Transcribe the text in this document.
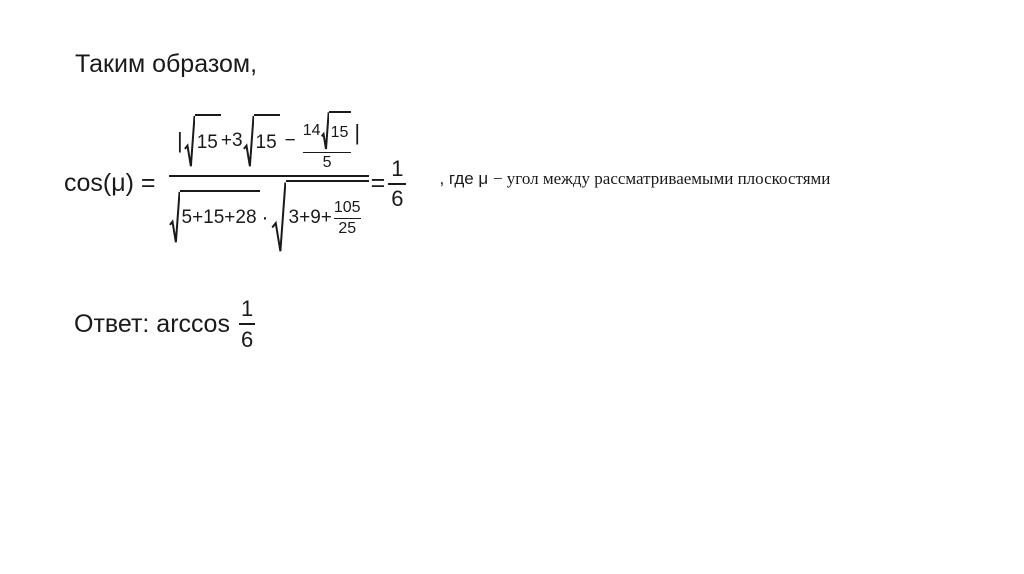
Таким образом,
cos(μ) =
| 15 +3 $15 - \frac{14 15}{5}$ |
$5+15+28 \cdot 3+9+ \frac{105}{25}$
= $\frac{1}{6}$ , где μ − угол между рассматриваемыми плоскостями
Ответ: $\arccos \frac{1}{6}$
